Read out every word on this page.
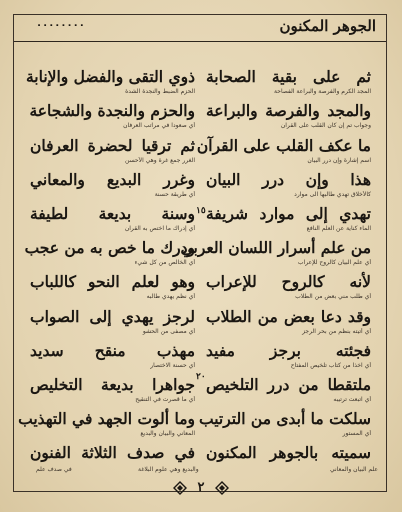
الجوهر المكنون
٠٠٠٠٠٠٠٠
ثم على بقية الصحابة
المجد الكرم والفرصة والبراعة الفصاحة
والمجد والفرصة والبراعة
وجواب تم إن كان القلب على القرآن
ما عكف القلب على القرآن
اسم إشارة وإن درر البيان
هذا وإن درر البيان
كالأخلاق تهدي طالبها الى موارد
تهدي إلى موارد شريفة
الماء كناية عن العلم النافع
من علم أسرار اللسان العربي
أي علم البيان كالروح للإعراب
لأنه كالروح للإعراب
أي طلب مني بعض من الطلاب
وقد دعا بعض من الطلاب
أي أتيته بنظم من بحر الرجز
فجئته برجز مفيد
أي آخذا من كتاب تلخيص المفتاح
ملتقطا من درر التلخيص
أي اتبعت ترتيبه
سلكت ما أبدى من الترتيب
أي المستور
سميته بالجوهر المكنون
ذوي التقى والفضل والإنابة
الحزم الضبط والنجدة الشدة
والحزم والنجدة والشجاعة
أي صعودا في مراتب العرفان
ثم ترقيا لحضرة العرفان
الغرر جمع غرة وهي الأحسن
وغرر البديع والمعاني
أي طريقة حسنة
وسنة بديعة لطيفة
أي إدراك ما اختص به القرآن
ودرك ما خص به من عجب
أي الخالص من كل شيء
وهو لعلم النحو كاللباب
أي نظم يهدي طالبه
لرجز يهدي إلى الصواب
أي مصفى من الحشو
مهذب منقح سديد
أي حسنة الاختصار
جواهرا بديعة التخليص
أي ما قصرت في التنقيح
وما ألوت الجهد في التهذيب
المعاني والبيان والبديع
في صدف الثلاثة الفنون
١٥
٢٠
علم البيان والمعاني
والبديع وهي علوم البلاغة
في صدف علم
٢
